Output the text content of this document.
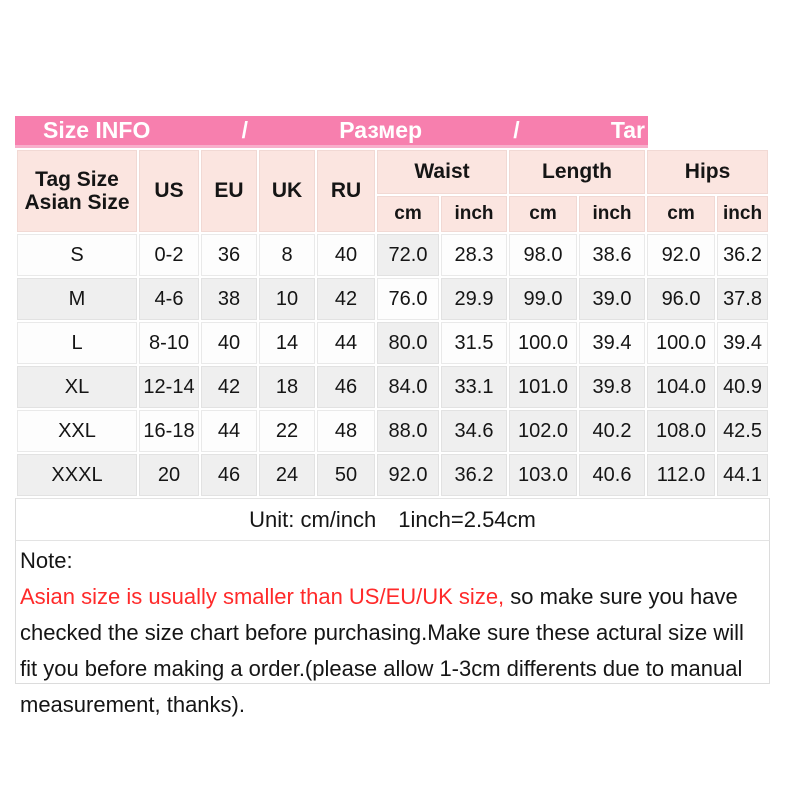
Size INFO	/	Размер	/	Tar
Tag Size
Asian Size	US	EU	UK	RU	Waist		Length		Hips	
					cm	inch	cm	inch	cm	inch
S	0-2	36	8	40	72.0	28.3	98.0	38.6	92.0	36.2
M	4-6	38	10	42	76.0	29.9	99.0	39.0	96.0	37.8
L	8-10	40	14	44	80.0	31.5	100.0	39.4	100.0	39.4
XL	12-14	42	18	46	84.0	33.1	101.0	39.8	104.0	40.9
XXL	16-18	44	22	48	88.0	34.6	102.0	40.2	108.0	42.5
XXXL	20	46	24	50	92.0	36.2	103.0	40.6	112.0	44.1
Unit: cm/inch 1inch=2.54cm
Note:
Asian size is usually smaller than US/EU/UK size, so make sure you have checked the size chart before purchasing.Make sure these actural size will fit you before making a order.(please allow 1-3cm differents due to manual measurement, thanks).
